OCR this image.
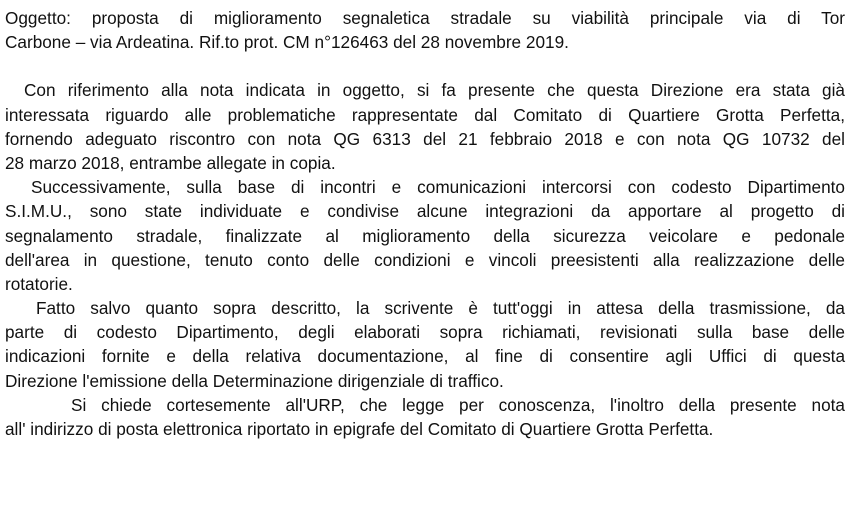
Oggetto: proposta di miglioramento segnaletica stradale su viabilità principale via di Tor
Carbone – via Ardeatina. Rif.to prot. CM n°126463 del 28 novembre 2019.
Con riferimento alla nota indicata in oggetto, si fa presente che questa Direzione era stata già
interessata riguardo alle problematiche rappresentate dal Comitato di Quartiere Grotta Perfetta,
fornendo adeguato riscontro con nota QG 6313 del 21 febbraio 2018 e con nota QG 10732 del
28 marzo 2018, entrambe allegate in copia.
Successivamente, sulla base di incontri e comunicazioni intercorsi con codesto Dipartimento
S.I.M.U., sono state individuate e condivise alcune integrazioni da apportare al progetto di
segnalamento stradale, finalizzate al miglioramento della sicurezza veicolare e pedonale
dell'area in questione, tenuto conto delle condizioni e vincoli preesistenti alla realizzazione delle
rotatorie.
Fatto salvo quanto sopra descritto, la scrivente è tutt'oggi in attesa della trasmissione, da
parte di codesto Dipartimento, degli elaborati sopra richiamati, revisionati sulla base delle
indicazioni fornite e della relativa documentazione, al fine di consentire agli Uffici di questa
Direzione l'emissione della Determinazione dirigenziale di traffico.
Si chiede cortesemente all'URP, che legge per conoscenza, l'inoltro della presente nota
all' indirizzo di posta elettronica riportato in epigrafe del Comitato di Quartiere Grotta Perfetta.
